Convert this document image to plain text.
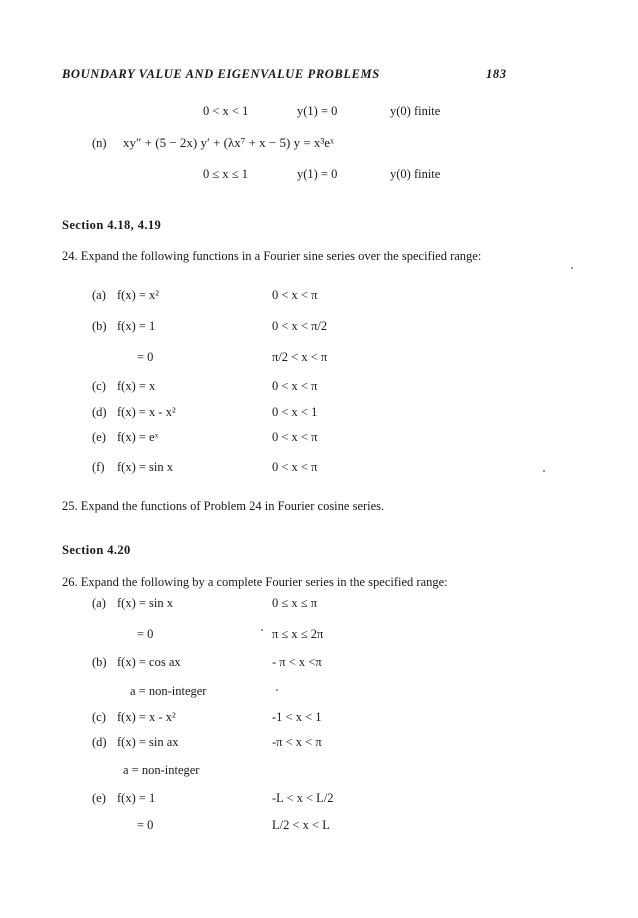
BOUNDARY VALUE AND EIGENVALUE PROBLEMS	183
0 < x < 1	y(1) = 0	y(0) finite
(n) xy″ + (5 − 2x) y′ + (λx⁷ + x − 5) y = x³eˣ
0 ≤ x ≤ 1	y(1) = 0	y(0) finite
Section 4.18, 4.19
24. Expand the following functions in a Fourier sine series over the specified range:
(a) f(x) = x²	0 < x < π
(b) f(x) = 1	0 < x < π/2
= 0	π/2 < x < π
(c) f(x) = x	0 < x < π
(d) f(x) = x - x²	0 < x < 1
(e) f(x) = eˣ	0 < x < π
(f) f(x) = sin x	0 < x < π
25. Expand the functions of Problem 24 in Fourier cosine series.
Section 4.20
26. Expand the following by a complete Fourier series in the specified range:
(a) f(x) = sin x	0 ≤ x ≤ π
= 0	π ≤ x ≤ 2π
(b) f(x) = cos ax	- π < x <π
a = non-integer
(c) f(x) = x - x²	-1 < x < 1
(d) f(x) = sin ax	-π < x < π
a = non-integer
(e) f(x) = 1	-L < x < L/2
= 0	L/2 < x < L
